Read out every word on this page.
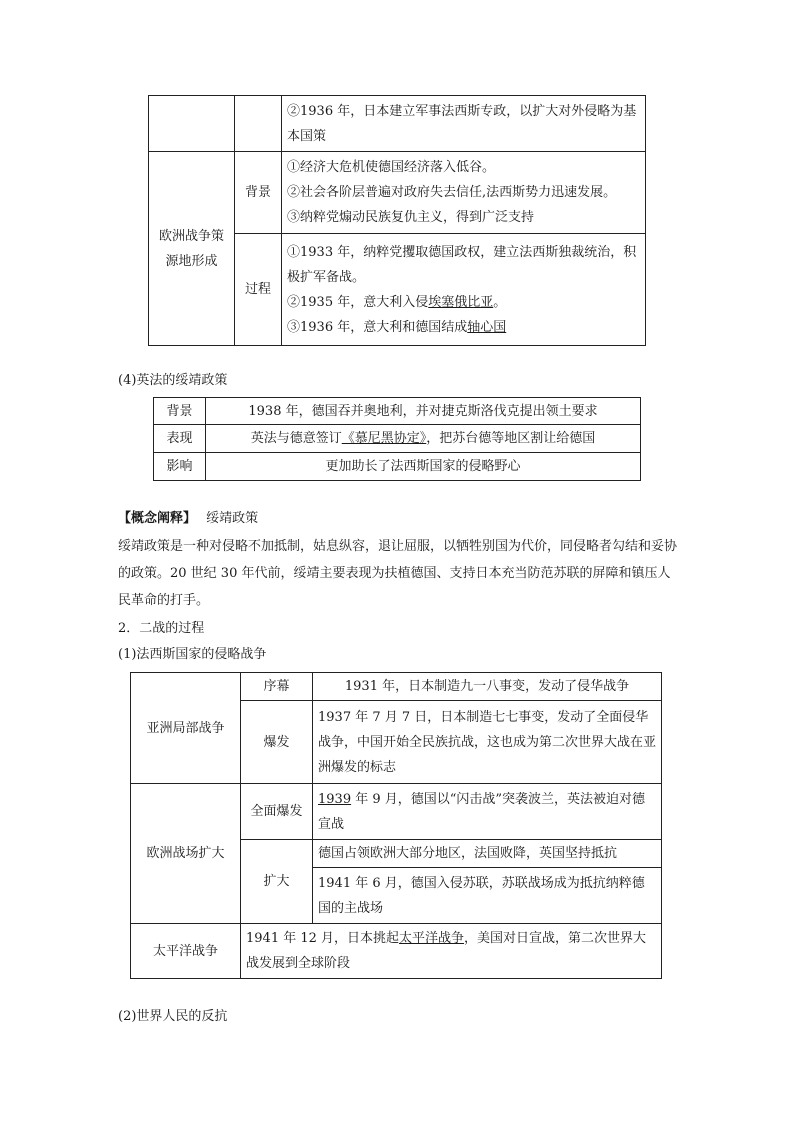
		②1936 年，日本建立军事法西斯专政，以扩大对外侵略为基本国策
欧洲战争策源地形成	背景	①经济大危机使德国经济落入低谷。

②社会各阶层普遍对政府失去信任,法西斯势力迅速发展。

③纳粹党煽动民族复仇主义，得到广泛支持

	过程	①1933 年，纳粹党攫取德国政权，建立法西斯独裁统治，积极扩军备战。

②1935 年，意大利入侵埃塞俄比亚。

③1936 年，意大利和德国结成轴心国

(4)英法的绥靖政策
背景	1938 年，德国吞并奥地利，并对捷克斯洛伐克提出领土要求
表现	英法与德意签订《慕尼黑协定》，把苏台德等地区割让给德国
影响	更加助长了法西斯国家的侵略野心
【概念阐释】 绥靖政策
绥靖政策是一种对侵略不加抵制，姑息纵容，退让屈服，以牺牲别国为代价，同侵略者勾结和妥协的政策。20 世纪 30 年代前，绥靖主要表现为扶植德国、支持日本充当防范苏联的屏障和镇压人民革命的打手。
2．二战的过程
(1)法西斯国家的侵略战争
亚洲局部战争	序幕	1931 年，日本制造九一八事变，发动了侵华战争
	爆发	1937 年 7 月 7 日，日本制造七七事变，发动了全面侵华战争，中国开始全民族抗战，这也成为第二次世界大战在亚洲爆发的标志
欧洲战场扩大	全面爆发	1939 年 9 月，德国以“闪击战”突袭波兰，英法被迫对德宣战
	扩大	德国占领欧洲大部分地区，法国败降，英国坚持抵抗
		1941 年 6 月，德国入侵苏联，苏联战场成为抵抗纳粹德国的主战场
太平洋战争	1941 年 12 月，日本挑起太平洋战争，美国对日宣战，第二次世界大战发展到全球阶段	
(2)世界人民的反抗
